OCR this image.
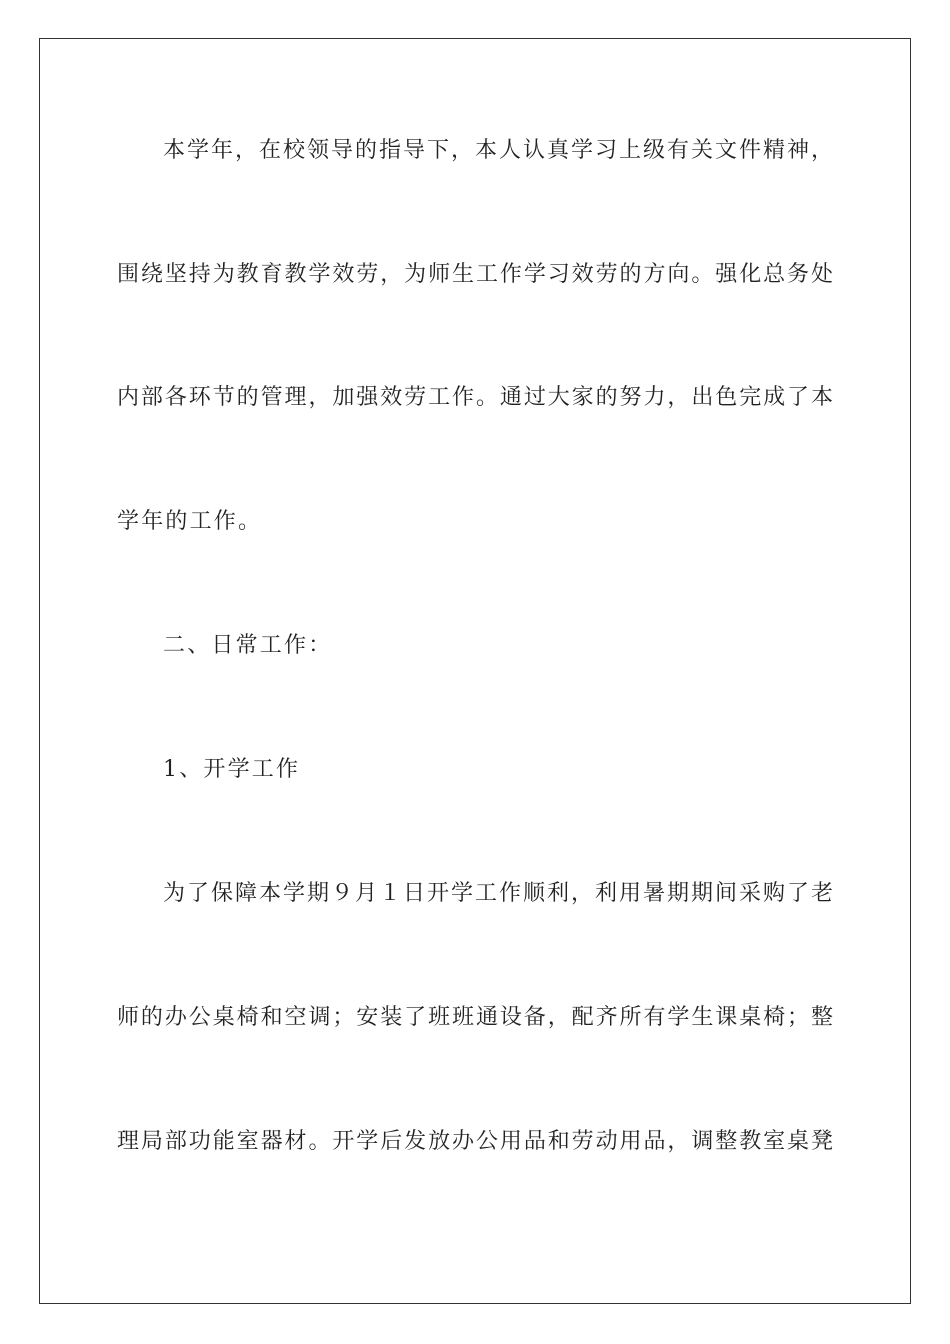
本学年，在校领导的指导下，本人认真学习上级有关文件精神，
围绕坚持为教育教学效劳，为师生工作学习效劳的方向。强化总务处
内部各环节的管理，加强效劳工作。通过大家的努力，出色完成了本
学年的工作。
二、日常工作：
1、开学工作
为了保障本学期９月１日开学工作顺利，利用暑期期间采购了老
师的办公桌椅和空调；安装了班班通设备，配齐所有学生课桌椅；整
理局部功能室器材。开学后发放办公用品和劳动用品，调整教室桌凳
